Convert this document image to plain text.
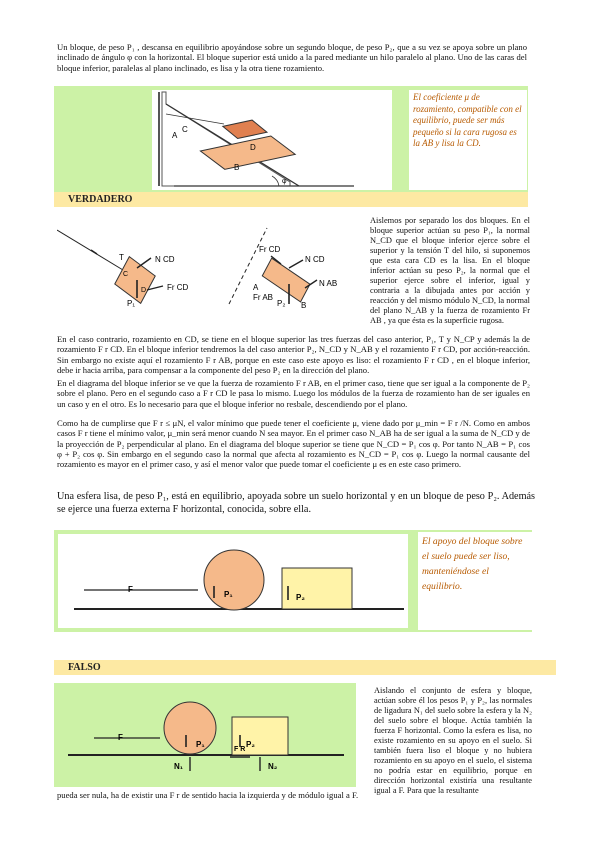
Un bloque, de peso P₁ , descansa en equilibrio apoyándose sobre un segundo bloque, de peso P₂, que a su vez se apoya sobre un plano inclinado de ángulo φ con la horizontal. El bloque superior está unido a la pared mediante un hilo paralelo al plano. Uno de las caras del bloque inferior, paralelas al plano inclinado, es lisa y la otra tiene rozamiento.

C
A
D
B
φ
El coeficiente μ de rozamiento, compatible con el equilibrio, puede ser más pequeño si la cara rugosa es la AB y lisa la CD.
VERDADERO
T	N CD
Fr CD
C
D
P₁
Fr CD
N CD
N AB
A
Fr AB
P₂ B

Aislemos por separado los dos bloques. En el bloque superior actúan su peso P₁, la normal N_CD que el bloque inferior ejerce sobre el superior y la tensión T del hilo, si suponemos que esta cara CD es la lisa. En el bloque inferior actúan su peso P₂, la normal que el superior ejerce sobre el inferior, igual y contraria a la dibujada antes por acción y reacción y del mismo módulo N_CD, la normal del plano N_AB y la fuerza de rozamiento Fr AB , ya que ésta es la superficie rugosa.

En el caso contrario, rozamiento en CD, se tiene en el bloque superior las tres fuerzas del caso anterior, P₁, T y N_CP y además la de rozamiento F r CD. En el bloque inferior tendremos la del caso anterior P₂, N_CD y N_AB y el rozamiento F r CD, por acción-reacción. Sin embargo no existe aquí el rozamiento F r AB, porque en este caso este apoyo es liso: el rozamiento F r CD , en el bloque inferior, debe ir hacia arriba, para compensar a la componente del peso P₂ en la dirección del plano.

En el diagrama del bloque inferior se ve que la fuerza de rozamiento F r AB, en el primer caso, tiene que ser igual a la componente de P₂ sobre el plano. Pero en el segundo caso a F r CD le pasa lo mismo. Luego los módulos de la fuerza de rozamiento han de ser iguales en un caso y en el otro. Es lo necesario para que el bloque inferior no resbale, descendiendo por el plano.

Como ha de cumplirse que F r ≤ μN, el valor mínimo que puede tener el coeficiente μ, viene dado por μ_min = F r /N. Como en ambos casos F r tiene el mínimo valor, μ_min será menor cuando N sea mayor. En el primer caso N_AB ha de ser igual a la suma de N_CD y de la proyección de P₂ perpendicular al plano. En el diagrama del bloque superior se tiene que N_CD = P₁ cos φ. Por tanto N_AB = P₁ cos φ + P₂ cos φ. Sin embargo en el segundo caso la normal que afecta al rozamiento es N_CD = P₁ cos φ. Luego la normal causante del rozamiento es mayor en el primer caso, y así el menor valor que puede tomar el coeficiente μ es en este caso primero.

Una esfera lisa, de peso P₁, está en equilibrio, apoyada sobre un suelo horizontal y en un bloque de peso P₂. Además se ejerce una fuerza externa F horizontal, conocida, sobre ella.

F
P₁	P₂
El apoyo del bloque sobre el suelo puede ser liso, manteniéndose el equilibrio.
FALSO
F
P₁	P₂
F R
N₁	N₂

Aislando el conjunto de esfera y bloque, actúan sobre él los pesos P₁ y P₂, las normales de ligadura N₁ del suelo sobre la esfera y la N₂ del suelo sobre el bloque. Actúa también la fuerza F horizontal. Como la esfera es lisa, no existe rozamiento en su apoyo en el suelo. Si también fuera liso el bloque y no hubiera rozamiento en su apoyo en el suelo, el sistema no podría estar en equilibrio, porque en dirección horizontal existiría una resultante igual a F. Para que la resultante

pueda ser nula, ha de existir una F r de sentido hacia la izquierda y de módulo igual a F.
